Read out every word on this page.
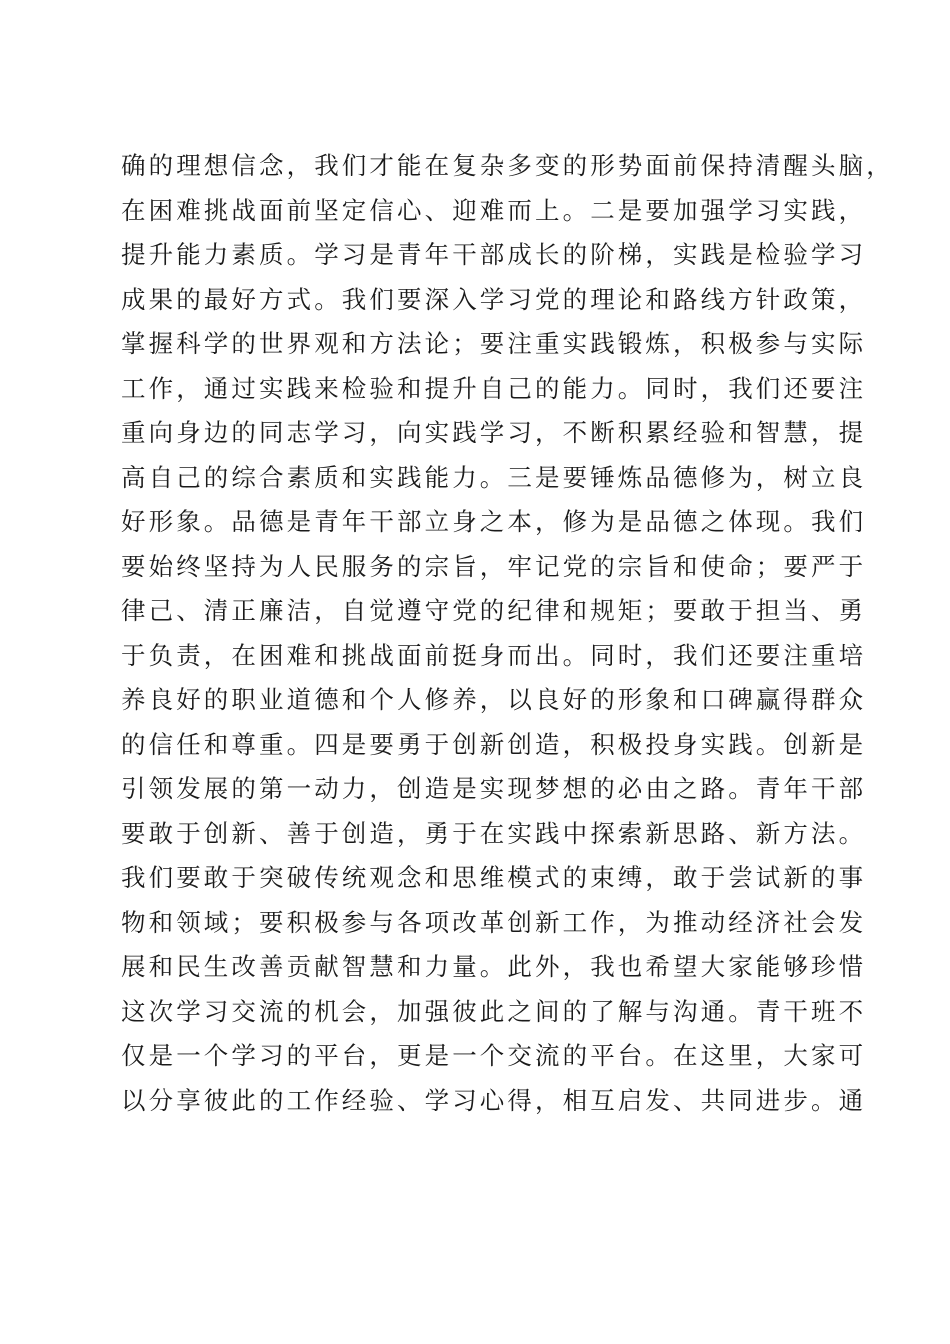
确的理想信念，我们才能在复杂多变的形势面前保持清醒头脑，
在困难挑战面前坚定信心、迎难而上。二是要加强学习实践，
提升能力素质。学习是青年干部成长的阶梯，实践是检验学习
成果的最好方式。我们要深入学习党的理论和路线方针政策，
掌握科学的世界观和方法论；要注重实践锻炼，积极参与实际
工作，通过实践来检验和提升自己的能力。同时，我们还要注
重向身边的同志学习，向实践学习，不断积累经验和智慧，提
高自己的综合素质和实践能力。三是要锤炼品德修为，树立良
好形象。品德是青年干部立身之本，修为是品德之体现。我们
要始终坚持为人民服务的宗旨，牢记党的宗旨和使命；要严于
律己、清正廉洁，自觉遵守党的纪律和规矩；要敢于担当、勇
于负责，在困难和挑战面前挺身而出。同时，我们还要注重培
养良好的职业道德和个人修养，以良好的形象和口碑赢得群众
的信任和尊重。四是要勇于创新创造，积极投身实践。创新是
引领发展的第一动力，创造是实现梦想的必由之路。青年干部
要敢于创新、善于创造，勇于在实践中探索新思路、新方法。
我们要敢于突破传统观念和思维模式的束缚，敢于尝试新的事
物和领域；要积极参与各项改革创新工作，为推动经济社会发
展和民生改善贡献智慧和力量。此外，我也希望大家能够珍惜
这次学习交流的机会，加强彼此之间的了解与沟通。青干班不
仅是一个学习的平台，更是一个交流的平台。在这里，大家可
以分享彼此的工作经验、学习心得，相互启发、共同进步。通
